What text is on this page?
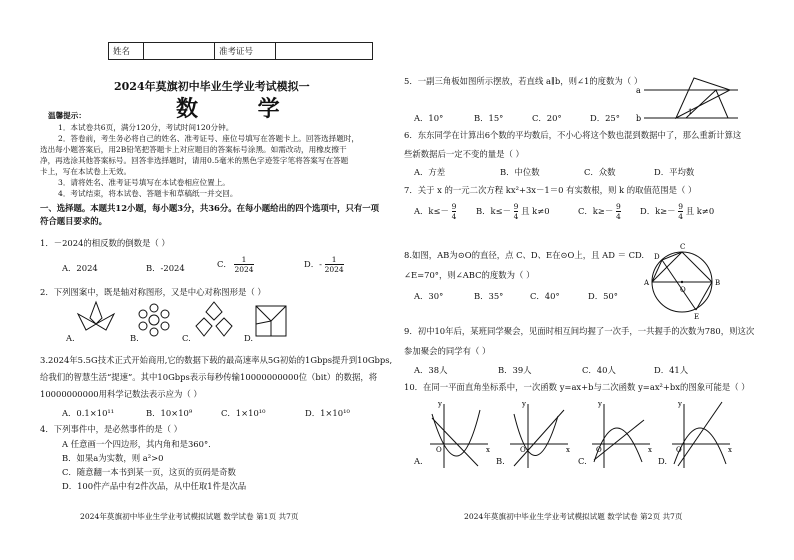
姓名		准考证号	
2024年莫旗初中毕业生学业考试模拟一
数 学
温馨提示：
1．本试卷共6页，满分120分，考试时间120分钟。
2．答卷前，考生务必将自己的姓名、准考证号、座位号填写在答题卡上。回答选择题时，
选出每小题答案后，用2B铅笔把答题卡上对应题目的答案标号涂黑。如需改动，用橡皮擦干
净，再选涂其他答案标号。回答非选择题时，请用0.5毫米的黑色字迹签字笔将答案写在答题
卡上，写在本试卷上无效。
3．请将姓名、准考证号填写在本试卷相应位置上。
4．考试结束，将本试卷、答题卡和草稿纸一并交回。
一、选择题。本题共12小题，每小题3分，共36分。在每小题给出的四个选项中，只有一项
符合题目要求的。
1．－2024的相反数的倒数是（ ）
A．2024	B．-2024	C． $\frac{1}{2024}$	D．- $\frac{1}{2024}$
2．下列图案中，既是轴对称图形，又是中心对称图形是（ ）
A.	B.	C.	D.
3.2024年5.5G技术正式开始商用,它的数据下载的最高速率从5G初始的1Gbps提升到10Gbps,
给我们的智慧生活“提速”。其中10Gbps表示每秒传输10000000000位（bit）的数据，将
10000000000用科学记数法表示应为（ ）
A．0.1×10¹¹	B．10×10⁹	C．1×10¹⁰	D．1×10¹⁰
4．下列事件中，是必然事件的是（ ）
A 任意画一个四边形，其内角和是360°．
B．如果a为实数，则 a²>0
C．随意翻一本书到某一页，这页的页码是奇数
D．100件产品中有2件次品，从中任取1件是次品
2024年莫旗初中毕业生学业考试模拟试题 数学试卷 第1页 共7页	2024年莫旗初中毕业生学业考试模拟试题 数学试卷 第2页 共7页
5．一副三角板如图所示摆放，若直线 a∥b，则∠1的度数为（ ）
A．10°	B．15°	C．20°	D．25°
a
b
1
6．东东同学在计算出6个数的平均数后，不小心将这个数也混到数据中了，那么重新计算这
些新数据后一定不变的量是（ ）
A．方差	B．中位数	C．众数	D．平均数
7．关于 x 的一元二次方程 kx²+3x－1＝0 有实数根，则 k 的取值范围是（ ）
A．$k\le- \frac{9}{4}$ B．$k\le- \frac{9}{4}$ 且 k≠0	C．$k\ge- \frac{9}{4}$ D．$k\ge- \frac{9}{4}$ 且 k≠0
8.如图，AB为⊙O的直径，点 C、D、E在⊙O上，且 AD ＝ CD.
∠E=70°，则∠ABC的度数为（ ）
A．30°	B．35°	C．40°	D．50°
A	B
C
D
E
O
9．初中10年后，某班同学聚会，见面时相互间均握了一次手，一共握手的次数为780，则这次
参加聚会的同学有（ ）
A．38人	B．39人	C．40人	D．41人
10．在同一平面直角坐标系中，一次函数 y=ax+b与二次函数 y=ax²+bx的图象可能是（ ）
A.
y
x
O
B.
y
x
O
C.
y
x
O
D.
y
x
O
